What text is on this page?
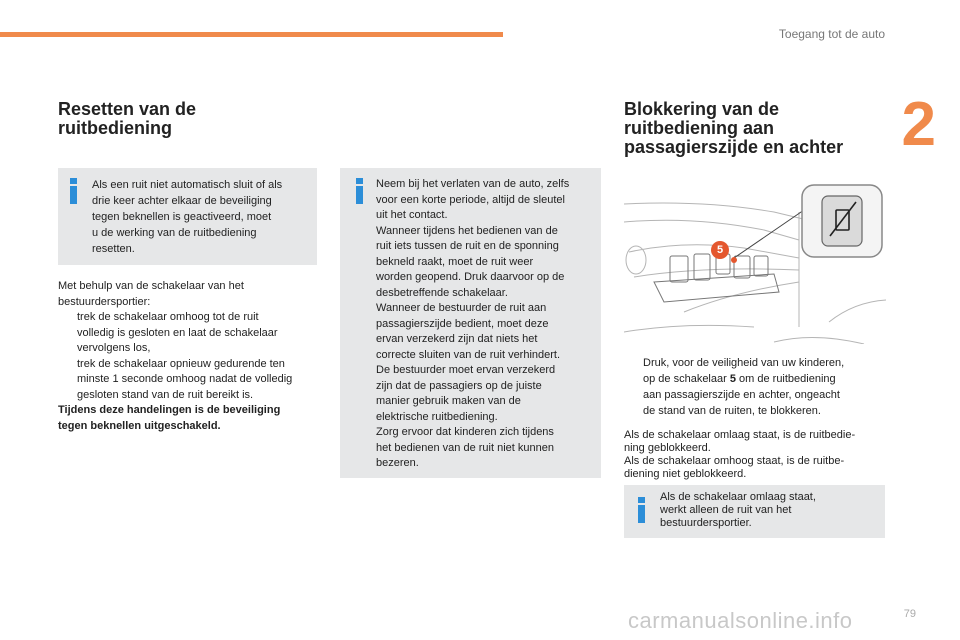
Toegang tot de auto
2
Resetten van de
ruitbediening
Als een ruit niet automatisch sluit of als
drie keer achter elkaar de beveiliging
tegen beknellen is geactiveerd, moet
u de werking van de ruitbediening
resetten.
Met behulp van de schakelaar van het
bestuurdersportier:
trek de schakelaar omhoog tot de ruit
volledig is gesloten en laat de schakelaar
vervolgens los,
trek de schakelaar opnieuw gedurende ten
minste 1 seconde omhoog nadat de volledig
gesloten stand van de ruit bereikt is.
Tijdens deze handelingen is de beveiliging
tegen beknellen uitgeschakeld.
Neem bij het verlaten van de auto, zelfs
voor een korte periode, altijd de sleutel
uit het contact.
Wanneer tijdens het bedienen van de
ruit iets tussen de ruit en de sponning
bekneld raakt, moet de ruit weer
worden geopend. Druk daarvoor op de
desbetreffende schakelaar.
Wanneer de bestuurder de ruit aan
passagierszijde bedient, moet deze
ervan verzekerd zijn dat niets het
correcte sluiten van de ruit verhindert.
De bestuurder moet ervan verzekerd
zijn dat de passagiers op de juiste
manier gebruik maken van de
elektrische ruitbediening.
Zorg ervoor dat kinderen zich tijdens
het bedienen van de ruit niet kunnen
bezeren.
Blokkering van de
ruitbediening aan
passagierszijde en achter
5
Druk, voor de veiligheid van uw kinderen,
op de schakelaar 5 om de ruitbediening
aan passagierszijde en achter, ongeacht
de stand van de ruiten, te blokkeren.
Als de schakelaar omlaag staat, is de ruitbedie-
ning geblokkeerd.
Als de schakelaar omhoog staat, is de ruitbe-
diening niet geblokkeerd.
Als de schakelaar omlaag staat,
werkt alleen de ruit van het
bestuurdersportier.
79
carmanualsonline.info
